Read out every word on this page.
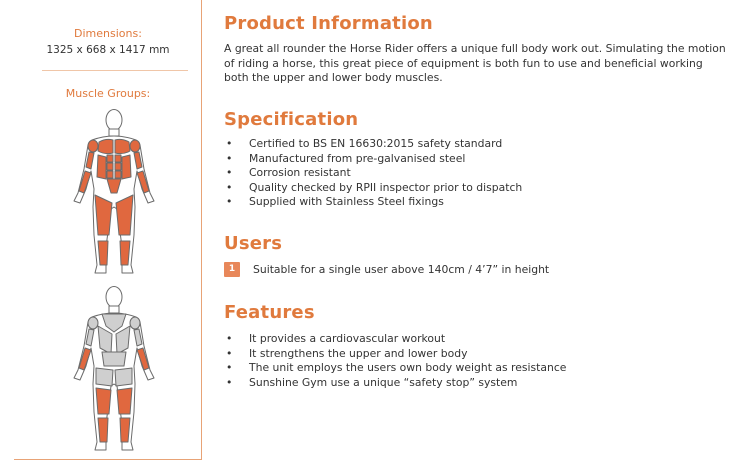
Dimensions:
1325 x 668 x 1417 mm
Muscle Groups:
Product Information

A great all rounder the Horse Rider offers a unique full body work out. Simulating the motion of riding a horse, this great piece of equipment is both fun to use and beneficial working both the upper and lower body muscles.

Specification
• Certified to BS EN 16630:2015 safety standard
• Manufactured from pre-galvanised steel
• Corrosion resistant
• Quality checked by RPII inspector prior to dispatch
• Supplied with Stainless Steel fixings
Users
1	Suitable for a single user above 140cm / 4’7” in height
Features
• It provides a cardiovascular workout
• It strengthens the upper and lower body
• The unit employs the users own body weight as resistance
• Sunshine Gym use a unique “safety stop” system
